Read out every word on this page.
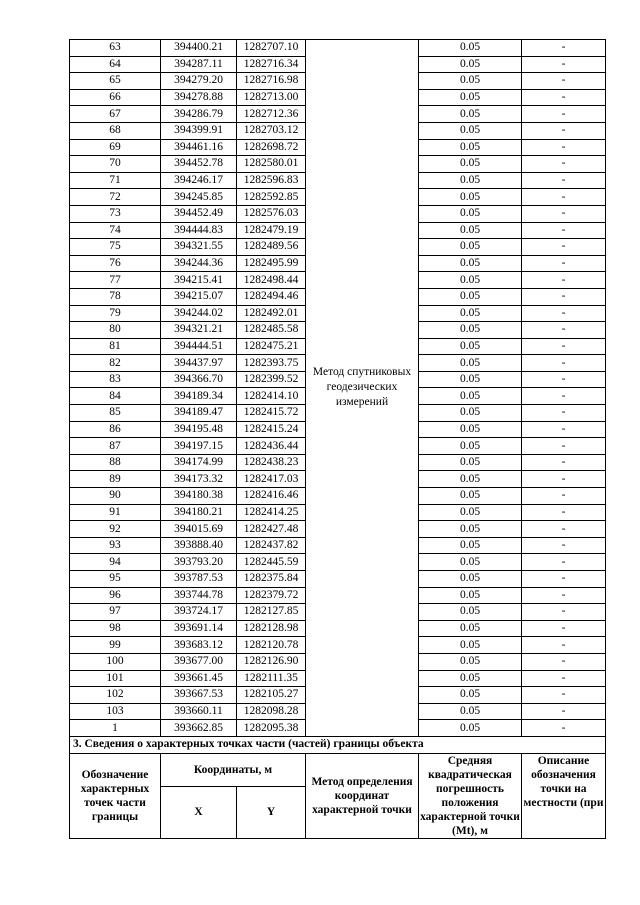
63	394400.21	1282707.10	Метод спутниковых геодезических измерений	0.05	-
64	394287.11	1282716.34		0.05	-
65	394279.20	1282716.98		0.05	-
66	394278.88	1282713.00		0.05	-
67	394286.79	1282712.36		0.05	-
68	394399.91	1282703.12		0.05	-
69	394461.16	1282698.72		0.05	-
70	394452.78	1282580.01		0.05	-
71	394246.17	1282596.83		0.05	-
72	394245.85	1282592.85		0.05	-
73	394452.49	1282576.03		0.05	-
74	394444.83	1282479.19		0.05	-
75	394321.55	1282489.56		0.05	-
76	394244.36	1282495.99		0.05	-
77	394215.41	1282498.44		0.05	-
78	394215.07	1282494.46		0.05	-
79	394244.02	1282492.01		0.05	-
80	394321.21	1282485.58		0.05	-
81	394444.51	1282475.21		0.05	-
82	394437.97	1282393.75		0.05	-
83	394366.70	1282399.52		0.05	-
84	394189.34	1282414.10		0.05	-
85	394189.47	1282415.72		0.05	-
86	394195.48	1282415.24		0.05	-
87	394197.15	1282436.44		0.05	-
88	394174.99	1282438.23		0.05	-
89	394173.32	1282417.03		0.05	-
90	394180.38	1282416.46		0.05	-
91	394180.21	1282414.25		0.05	-
92	394015.69	1282427.48		0.05	-
93	393888.40	1282437.82		0.05	-
94	393793.20	1282445.59		0.05	-
95	393787.53	1282375.84		0.05	-
96	393744.78	1282379.72		0.05	-
97	393724.17	1282127.85		0.05	-
98	393691.14	1282128.98		0.05	-
99	393683.12	1282120.78		0.05	-
100	393677.00	1282126.90		0.05	-
101	393661.45	1282111.35		0.05	-
102	393667.53	1282105.27		0.05	-
103	393660.11	1282098.28		0.05	-
1	393662.85	1282095.38		0.05	-
3. Сведения о характерных точках части (частей) границы объекта					
Обозначение характерных точек части границы	Координаты, м		Метод определения координат характерной точки	Средняя квадратическая погрешность положения характерной точки (Mt), м	Описание обозначения точки на местности (при
	X	Y			
